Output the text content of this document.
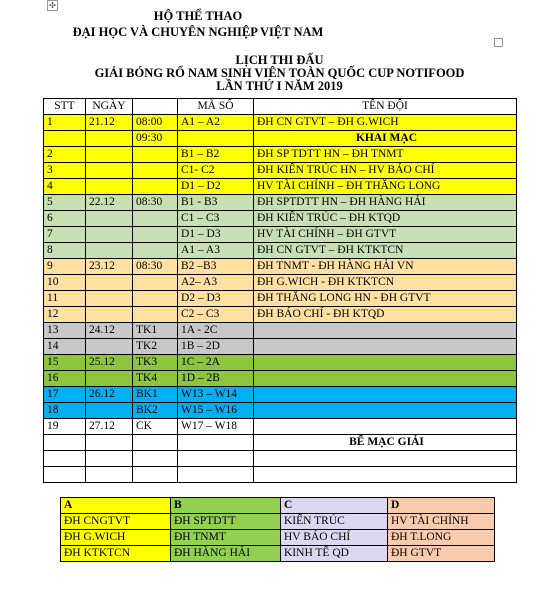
✣
HỘ THỂ THAO
ĐẠI HỌC VÀ CHUYÊN NGHIỆP VIỆT NAM
LỊCH THI ĐẤU
GIẢI BÓNG RỔ NAM SINH VIÊN TOÀN QUỐC CUP NOTIFOOD
LẦN THỨ I NĂM 2019
STT	NGÀY		MÃ SỐ	TÊN ĐỘI
1	21.12	08:00	A1 – A2	ĐH CN GTVT – ĐH G.WICH
		09:30		KHAI MẠC
2			B1 – B2	ĐH SP TDTT HN – ĐH TNMT
3			C1- C2	ĐH KIẾN TRÚC HN – HV BÁO CHÍ
4			D1 – D2	HV TÀI CHÍNH – ĐH THĂNG LONG
5	22.12	08:30	B1 - B3	ĐH SPTDTT HN – ĐH HÀNG HẢI
6			C1 – C3	ĐH KIẾN TRÚC – ĐH KTQD
7			D1 – D3	HV TÀI CHÍNH – ĐH GTVT
8			A1 – A3	ĐH CN GTVT – ĐH KTKTCN
9	23.12	08:30	B2 –B3	ĐH TNMT - ĐH HÀNG HẢI VN
10			A2– A3	ĐH G.WICH - ĐH KTKTCN
11			D2 – D3	ĐH THĂNG LONG HN - ĐH GTVT
12			C2 – C3	ĐH BÁO CHÍ - ĐH KTQD
13	24.12	TK1	1A - 2C	
14		TK2	1B – 2D	
15	25.12	TK3	1C – 2A	
16		TK4	1D – 2B	
17	26.12	BK1	W13 – W14	
18		BK2	W15 – W16	
19	27.12	CK	W17 – W18	
				BẾ MẠC GIẢI

A	B	C	D
ĐH CNGTVT	ĐH SPTDTT	KIẾN TRÚC	HV TÀI CHÍNH
ĐH G.WICH	ĐH TNMT	HV BÁO CHÍ	ĐH T.LONG
ĐH KTKTCN	ĐH HÀNG HẢI	KINH TẾ QD	ĐH GTVT
